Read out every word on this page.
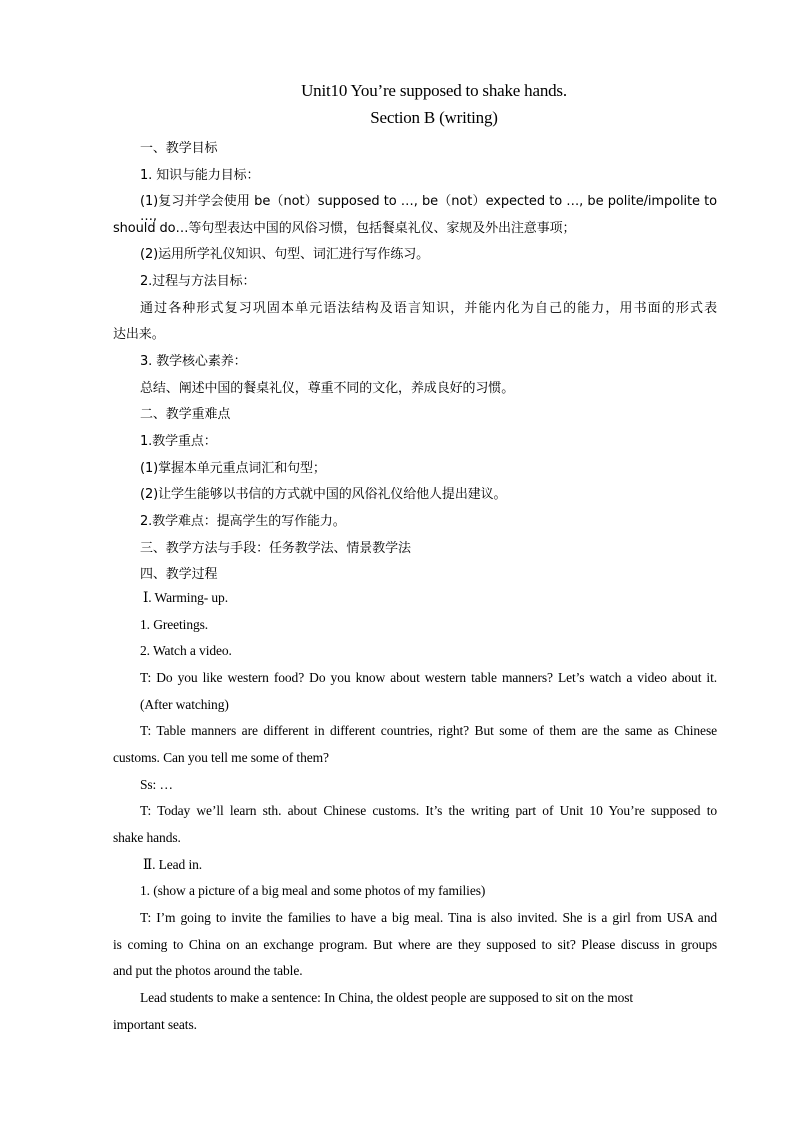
Unit10 You’re supposed to shake hands.
Section B (writing)
一、教学目标
1. 知识与能力目标：
(1)复习并学会使用 be（not）supposed to …, be（not）expected to …, be polite/impolite to …,
should do…等句型表达中国的风俗习惯，包括餐桌礼仪、家规及外出注意事项；
(2)运用所学礼仪知识、句型、词汇进行写作练习。
2.过程与方法目标：
通过各种形式复习巩固本单元语法结构及语言知识，并能内化为自己的能力，用书面的形式表
达出来。
3. 教学核心素养：
总结、阐述中国的餐桌礼仪，尊重不同的文化，养成良好的习惯。
二、教学重难点
1.教学重点：
(1)掌握本单元重点词汇和句型；
(2)让学生能够以书信的方式就中国的风俗礼仪给他人提出建议。
2.教学难点：提高学生的写作能力。
三、教学方法与手段：任务教学法、情景教学法
四、教学过程
Ⅰ. Warming- up.
1. Greetings.
2. Watch a video.
T: Do you like western food? Do you know about western table manners? Let’s watch a video about it.
(After watching)
T: Table manners are different in different countries, right? But some of them are the same as Chinese
customs. Can you tell me some of them?
Ss: …
T: Today we’ll learn sth. about Chinese customs. It’s the writing part of Unit 10 You’re supposed to
shake hands.
Ⅱ. Lead in.
1. (show a picture of a big meal and some photos of my families)
T: I’m going to invite the families to have a big meal. Tina is also invited. She is a girl from USA and
is coming to China on an exchange program. But where are they supposed to sit? Please discuss in groups
and put the photos around the table.
Lead students to make a sentence: In China, the oldest people are supposed to sit on the most
important seats.
